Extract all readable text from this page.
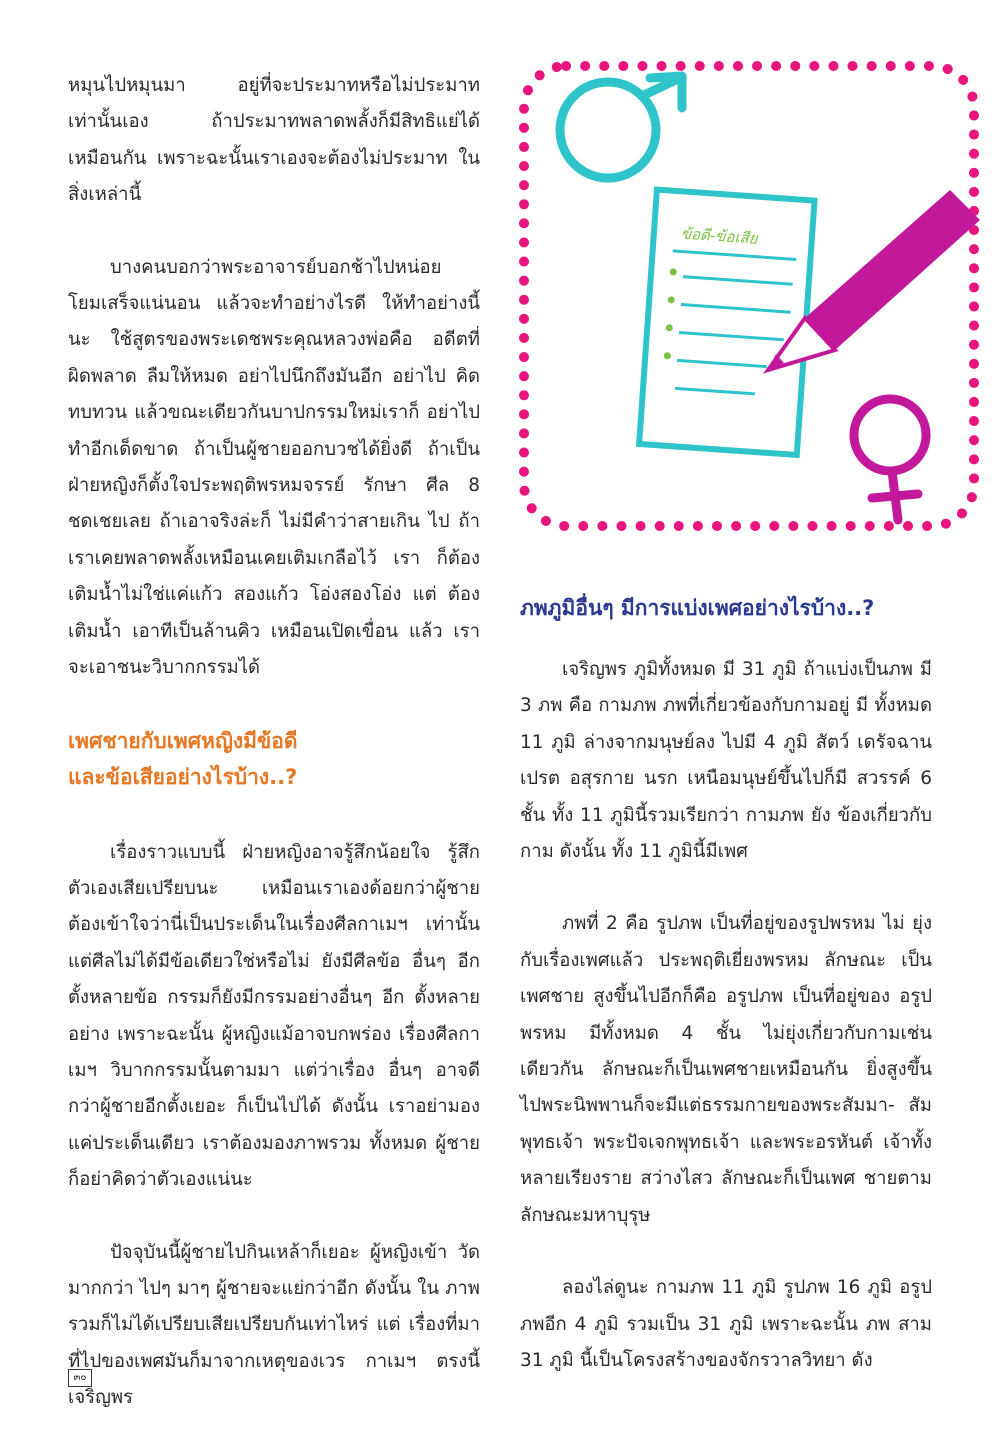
หมุนไปหมุนมา อยู่ที่จะประมาทหรือไม่ประมาท เท่านั้นเอง ถ้าประมาทพลาดพลั้งก็มีสิทธิแย่ได้ เหมือนกัน เพราะฉะนั้นเราเองจะต้องไม่ประมาท ในสิ่งเหล่านี้

บางคนบอกว่าพระอาจารย์บอกช้าไปหน่อย โยมเสร็จแน่นอน แล้วจะทำอย่างไรดี ให้ทำอย่างนี้ นะ ใช้สูตรของพระเดชพระคุณหลวงพ่อคือ อดีตที่ ผิดพลาด ลืมให้หมด อย่าไปนึกถึงมันอีก อย่าไป คิดทบทวน แล้วขณะเดียวกันบาปกรรมใหม่เราก็ อย่าไปทำอีกเด็ดขาด ถ้าเป็นผู้ชายออกบวชได้ยิ่งดี ถ้าเป็นฝ่ายหญิงก็ตั้งใจประพฤติพรหมจรรย์ รักษา ศีล 8 ชดเชยเลย ถ้าเอาจริงล่ะก็ ไม่มีคำว่าสายเกิน ไป ถ้าเราเคยพลาดพลั้งเหมือนเคยเติมเกลือไว้ เรา ก็ต้องเติมน้ำไม่ใช่แค่แก้ว สองแก้ว โอ่งสองโอ่ง แต่ ต้องเติมน้ำ เอาทีเป็นล้านคิว เหมือนเปิดเขื่อน แล้ว เราจะเอาชนะวิบากกรรมได้

เพศชายกับเพศหญิงมีข้อดี
และข้อเสียอย่างไรบ้าง..?

เรื่องราวแบบนี้ ฝ่ายหญิงอาจรู้สึกน้อยใจ รู้สึก ตัวเองเสียเปรียบนะ เหมือนเราเองด้อยกว่าผู้ชาย ต้องเข้าใจว่านี่เป็นประเด็นในเรื่องศีลกาเมฯ เท่านั้น แต่ศีลไม่ได้มีข้อเดียวใช่หรือไม่ ยังมีศีลข้อ อื่นๆ อีกตั้งหลายข้อ กรรมก็ยังมีกรรมอย่างอื่นๆ อีก ตั้งหลายอย่าง เพราะฉะนั้น ผู้หญิงแม้อาจบกพร่อง เรื่องศีลกาเมฯ วิบากกรรมนั้นตามมา แต่ว่าเรื่อง อื่นๆ อาจดีกว่าผู้ชายอีกตั้งเยอะ ก็เป็นไปได้ ดังนั้น เราอย่ามองแค่ประเด็นเดียว เราต้องมองภาพรวม ทั้งหมด ผู้ชายก็อย่าคิดว่าตัวเองแน่นะ

ปัจจุบันนี้ผู้ชายไปกินเหล้าก็เยอะ ผู้หญิงเข้า วัดมากกว่า ไปๆ มาๆ ผู้ชายจะแย่กว่าอีก ดังนั้น ใน ภาพรวมก็ไม่ได้เปรียบเสียเปรียบกันเท่าไหร่ แต่ เรื่องที่มาที่ไปของเพศมันก็มาจากเหตุของเวร กาเมฯ ตรงนี้ เจริญพร

ข้อดี-ข้อเสีย
ภพภูมิอื่นๆ มีการแบ่งเพศอย่างไรบ้าง..?

เจริญพร ภูมิทั้งหมด มี 31 ภูมิ ถ้าแบ่งเป็นภพ มี 3 ภพ คือ กามภพ ภพที่เกี่ยวข้องกับกามอยู่ มี ทั้งหมด 11 ภูมิ ล่างจากมนุษย์ลง ไปมี 4 ภูมิ สัตว์ เดรัจฉานเปรต อสุรกาย นรก เหนือมนุษย์ขึ้นไปก็มี สวรรค์ 6 ชั้น ทั้ง 11 ภูมินี้รวมเรียกว่า กามภพ ยัง ข้องเกี่ยวกับกาม ดังนั้น ทั้ง 11 ภูมินี้มีเพศ

ภพที่ 2 คือ รูปภพ เป็นที่อยู่ของรูปพรหม ไม่ ยุ่งกับเรื่องเพศแล้ว ประพฤติเยี่ยงพรหม ลักษณะ เป็นเพศชาย สูงขึ้นไปอีกก็คือ อรูปภพ เป็นที่อยู่ของ อรูปพรหม มีทั้งหมด 4 ชั้น ไม่ยุ่งเกี่ยวกับกามเช่น เดียวกัน ลักษณะก็เป็นเพศชายเหมือนกัน ยิ่งสูงขึ้น ไปพระนิพพานก็จะมีแต่ธรรมกายของพระสัมมา- สัมพุทธเจ้า พระปัจเจกพุทธเจ้า และพระอรหันต์ เจ้าทั้งหลายเรียงราย สว่างไสว ลักษณะก็เป็นเพศ ชายตามลักษณะมหาบุรุษ

ลองไล่ดูนะ กามภพ 11 ภูมิ รูปภพ 16 ภูมิ อรูปภพอีก 4 ภูมิ รวมเป็น 31 ภูมิ เพราะฉะนั้น ภพ สาม 31 ภูมิ นี้เป็นโครงสร้างของจักรวาลวิทยา ดัง

๓๐
